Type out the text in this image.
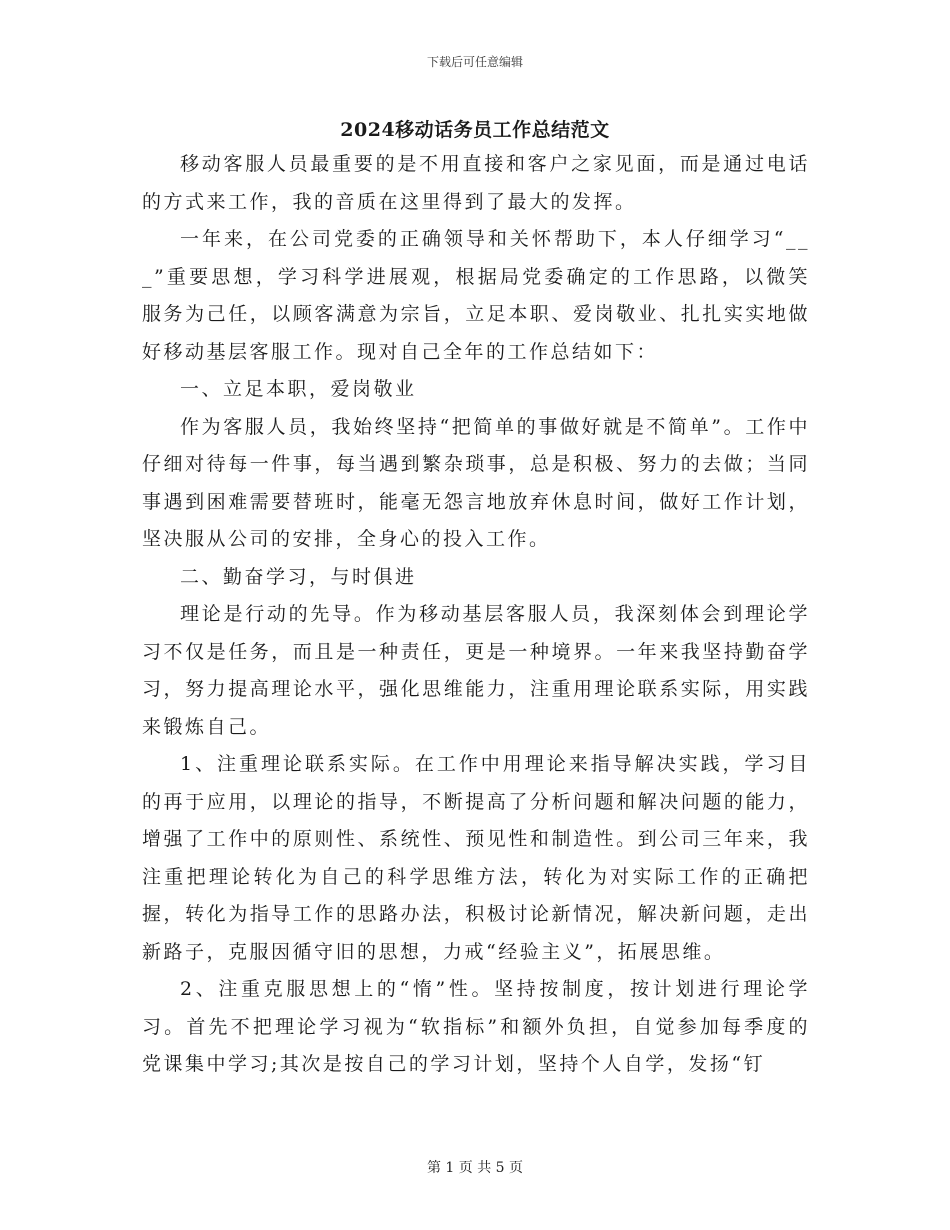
下载后可任意编辑
2024移动话务员工作总结范文

移动客服人员最重要的是不用直接和客户之家见面，而是通过电话的方式来工作，我的音质在这里得到了最大的发挥。

一年来，在公司党委的正确领导和关怀帮助下，本人仔细学习“___”重要思想，学习科学进展观，根据局党委确定的工作思路，以微笑服务为己任，以顾客满意为宗旨，立足本职、爱岗敬业、扎扎实实地做好移动基层客服工作。现对自己全年的工作总结如下：

一、立足本职，爱岗敬业

作为客服人员，我始终坚持“把简单的事做好就是不简单”。工作中仔细对待每一件事，每当遇到繁杂琐事，总是积极、努力的去做；当同事遇到困难需要替班时，能毫无怨言地放弃休息时间，做好工作计划，坚决服从公司的安排，全身心的投入工作。

二、勤奋学习，与时俱进

理论是行动的先导。作为移动基层客服人员，我深刻体会到理论学习不仅是任务，而且是一种责任，更是一种境界。一年来我坚持勤奋学习，努力提高理论水平，强化思维能力，注重用理论联系实际，用实践来锻炼自己。

1、注重理论联系实际。在工作中用理论来指导解决实践，学习目的再于应用，以理论的指导，不断提高了分析问题和解决问题的能力，增强了工作中的原则性、系统性、预见性和制造性。到公司三年来，我注重把理论转化为自己的科学思维方法，转化为对实际工作的正确把握，转化为指导工作的思路办法，积极讨论新情况，解决新问题，走出新路子，克服因循守旧的思想，力戒“经验主义”，拓展思维。

2、注重克服思想上的“惰”性。坚持按制度，按计划进行理论学习。首先不把理论学习视为“软指标”和额外负担，自觉参加每季度的党课集中学习;其次是按自己的学习计划，坚持个人自学，发扬“钉

第 1 页 共 5 页
